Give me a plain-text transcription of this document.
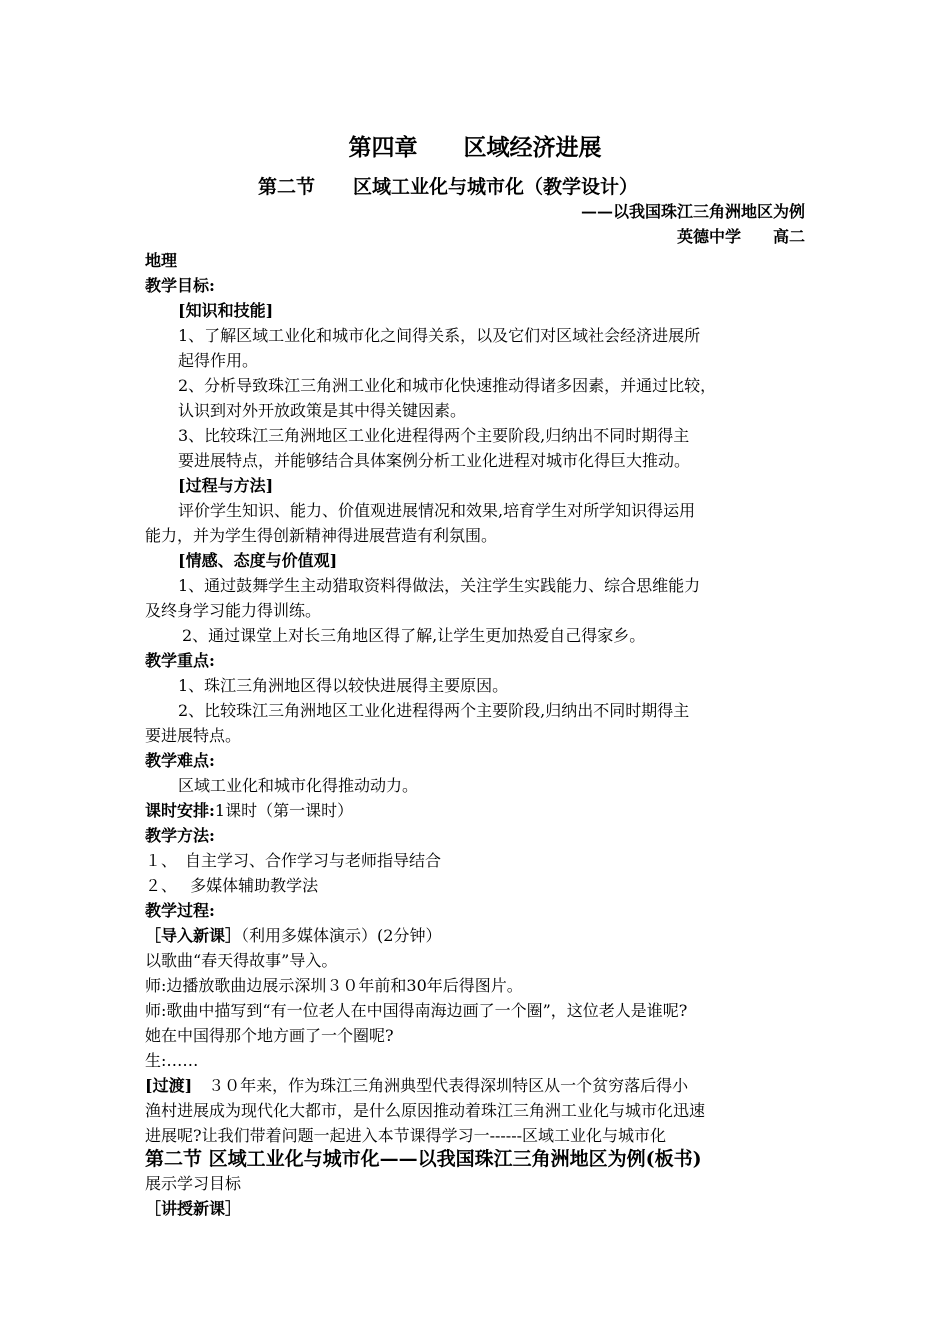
第四章　　区域经济进展
第二节　　区域工业化与城市化（教学设计）
——以我国珠江三角洲地区为例
英德中学　　高二
地理
教学目标:
[知识和技能]
1、了解区域工业化和城市化之间得关系，以及它们对区域社会经济进展所
起得作用。
2、分析导致珠江三角洲工业化和城市化快速推动得诸多因素，并通过比较，
认识到对外开放政策是其中得关键因素。
3、比较珠江三角洲地区工业化进程得两个主要阶段,归纳出不同时期得主
要进展特点，并能够结合具体案例分析工业化进程对城市化得巨大推动。
[过程与方法]
评价学生知识、能力、价值观进展情况和效果,培育学生对所学知识得运用
能力，并为学生得创新精神得进展营造有利氛围。
[情感、态度与价值观]
1、通过鼓舞学生主动猎取资料得做法，关注学生实践能力、综合思维能力
及终身学习能力得训练。
2、通过课堂上对长三角地区得了解,让学生更加热爱自己得家乡。
教学重点:
1、珠江三角洲地区得以较快进展得主要原因。
2、比较珠江三角洲地区工业化进程得两个主要阶段,归纳出不同时期得主
要进展特点。
教学难点:
区域工业化和城市化得推动动力。
课时安排:1课时（第一课时）
教学方法:
１、　自主学习、合作学习与老师指导结合
２、　 多媒体辅助教学法
教学过程:
［导入新课］（利用多媒体演示）(2分钟）
以歌曲“春天得故事”导入。
师:边播放歌曲边展示深圳３０年前和30年后得图片。
师:歌曲中描写到“有一位老人在中国得南海边画了一个圈”，这位老人是谁呢?
她在中国得那个地方画了一个圈呢?
生:……
[过渡]　３０年来，作为珠江三角洲典型代表得深圳特区从一个贫穷落后得小
渔村进展成为现代化大都市，是什么原因推动着珠江三角洲工业化与城市化迅速
进展呢?让我们带着问题一起进入本节课得学习一------区域工业化与城市化
第二节 区域工业化与城市化——以我国珠江三角洲地区为例(板书)
展示学习目标
［讲授新课］
